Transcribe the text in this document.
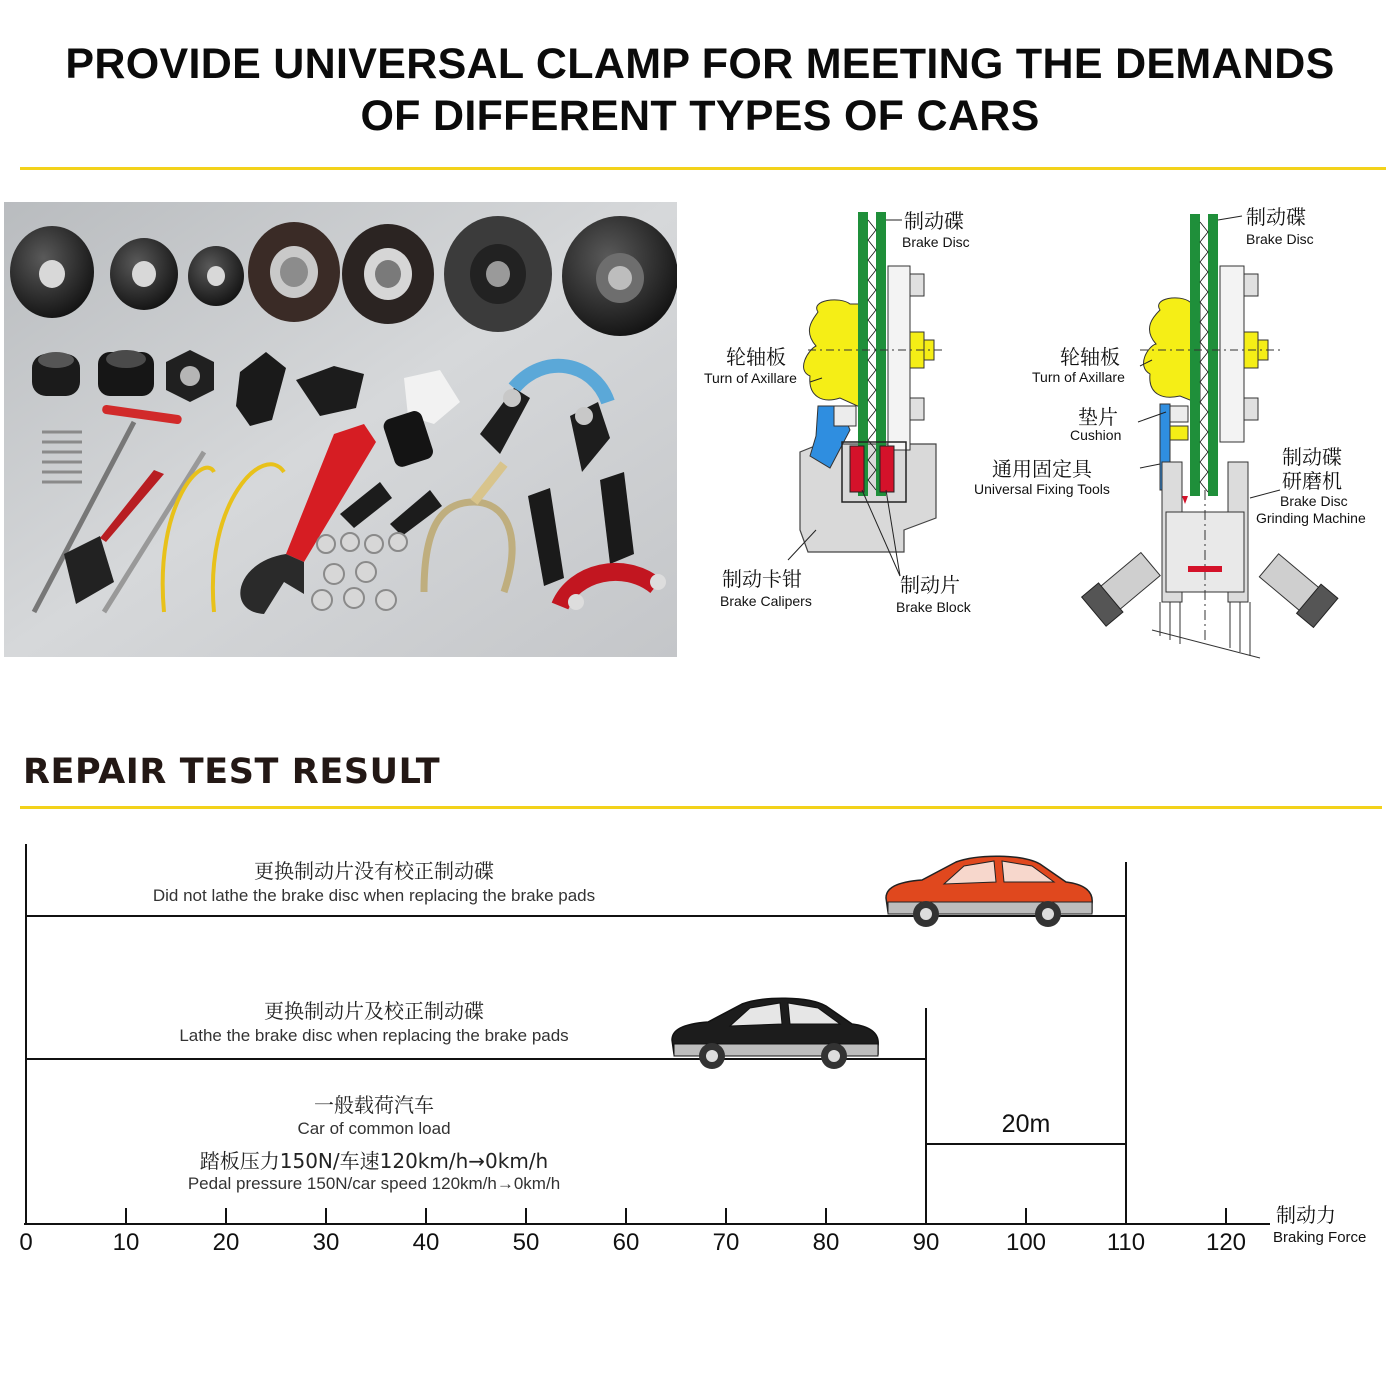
PROVIDE UNIVERSAL CLAMP FOR MEETING THE DEMANDS
OF DIFFERENT TYPES OF CARS
制动碟
Brake Disc
轮轴板
Turn of Axillare
制动卡钳
Brake Calipers
制动片
Brake Block
制动碟
Brake Disc
轮轴板
Turn of Axillare
垫片
Cushion
通用固定具
Universal Fixing Tools
制动碟
研磨机
Brake Disc
Grinding Machine
REPAIR TEST RESULT
0	10	20	30	40	50	60	70	80	90	100	110	120
更换制动片没有校正制动碟
Did not lathe the brake disc when replacing the brake pads
更换制动片及校正制动碟
Lathe the brake disc when replacing the brake pads
一般载荷汽车
Car of common load
踏板压力150N/车速120km/h→0km/h
Pedal pressure 150N/car speed 120km/h→0km/h
20m
制动力
Braking Force
